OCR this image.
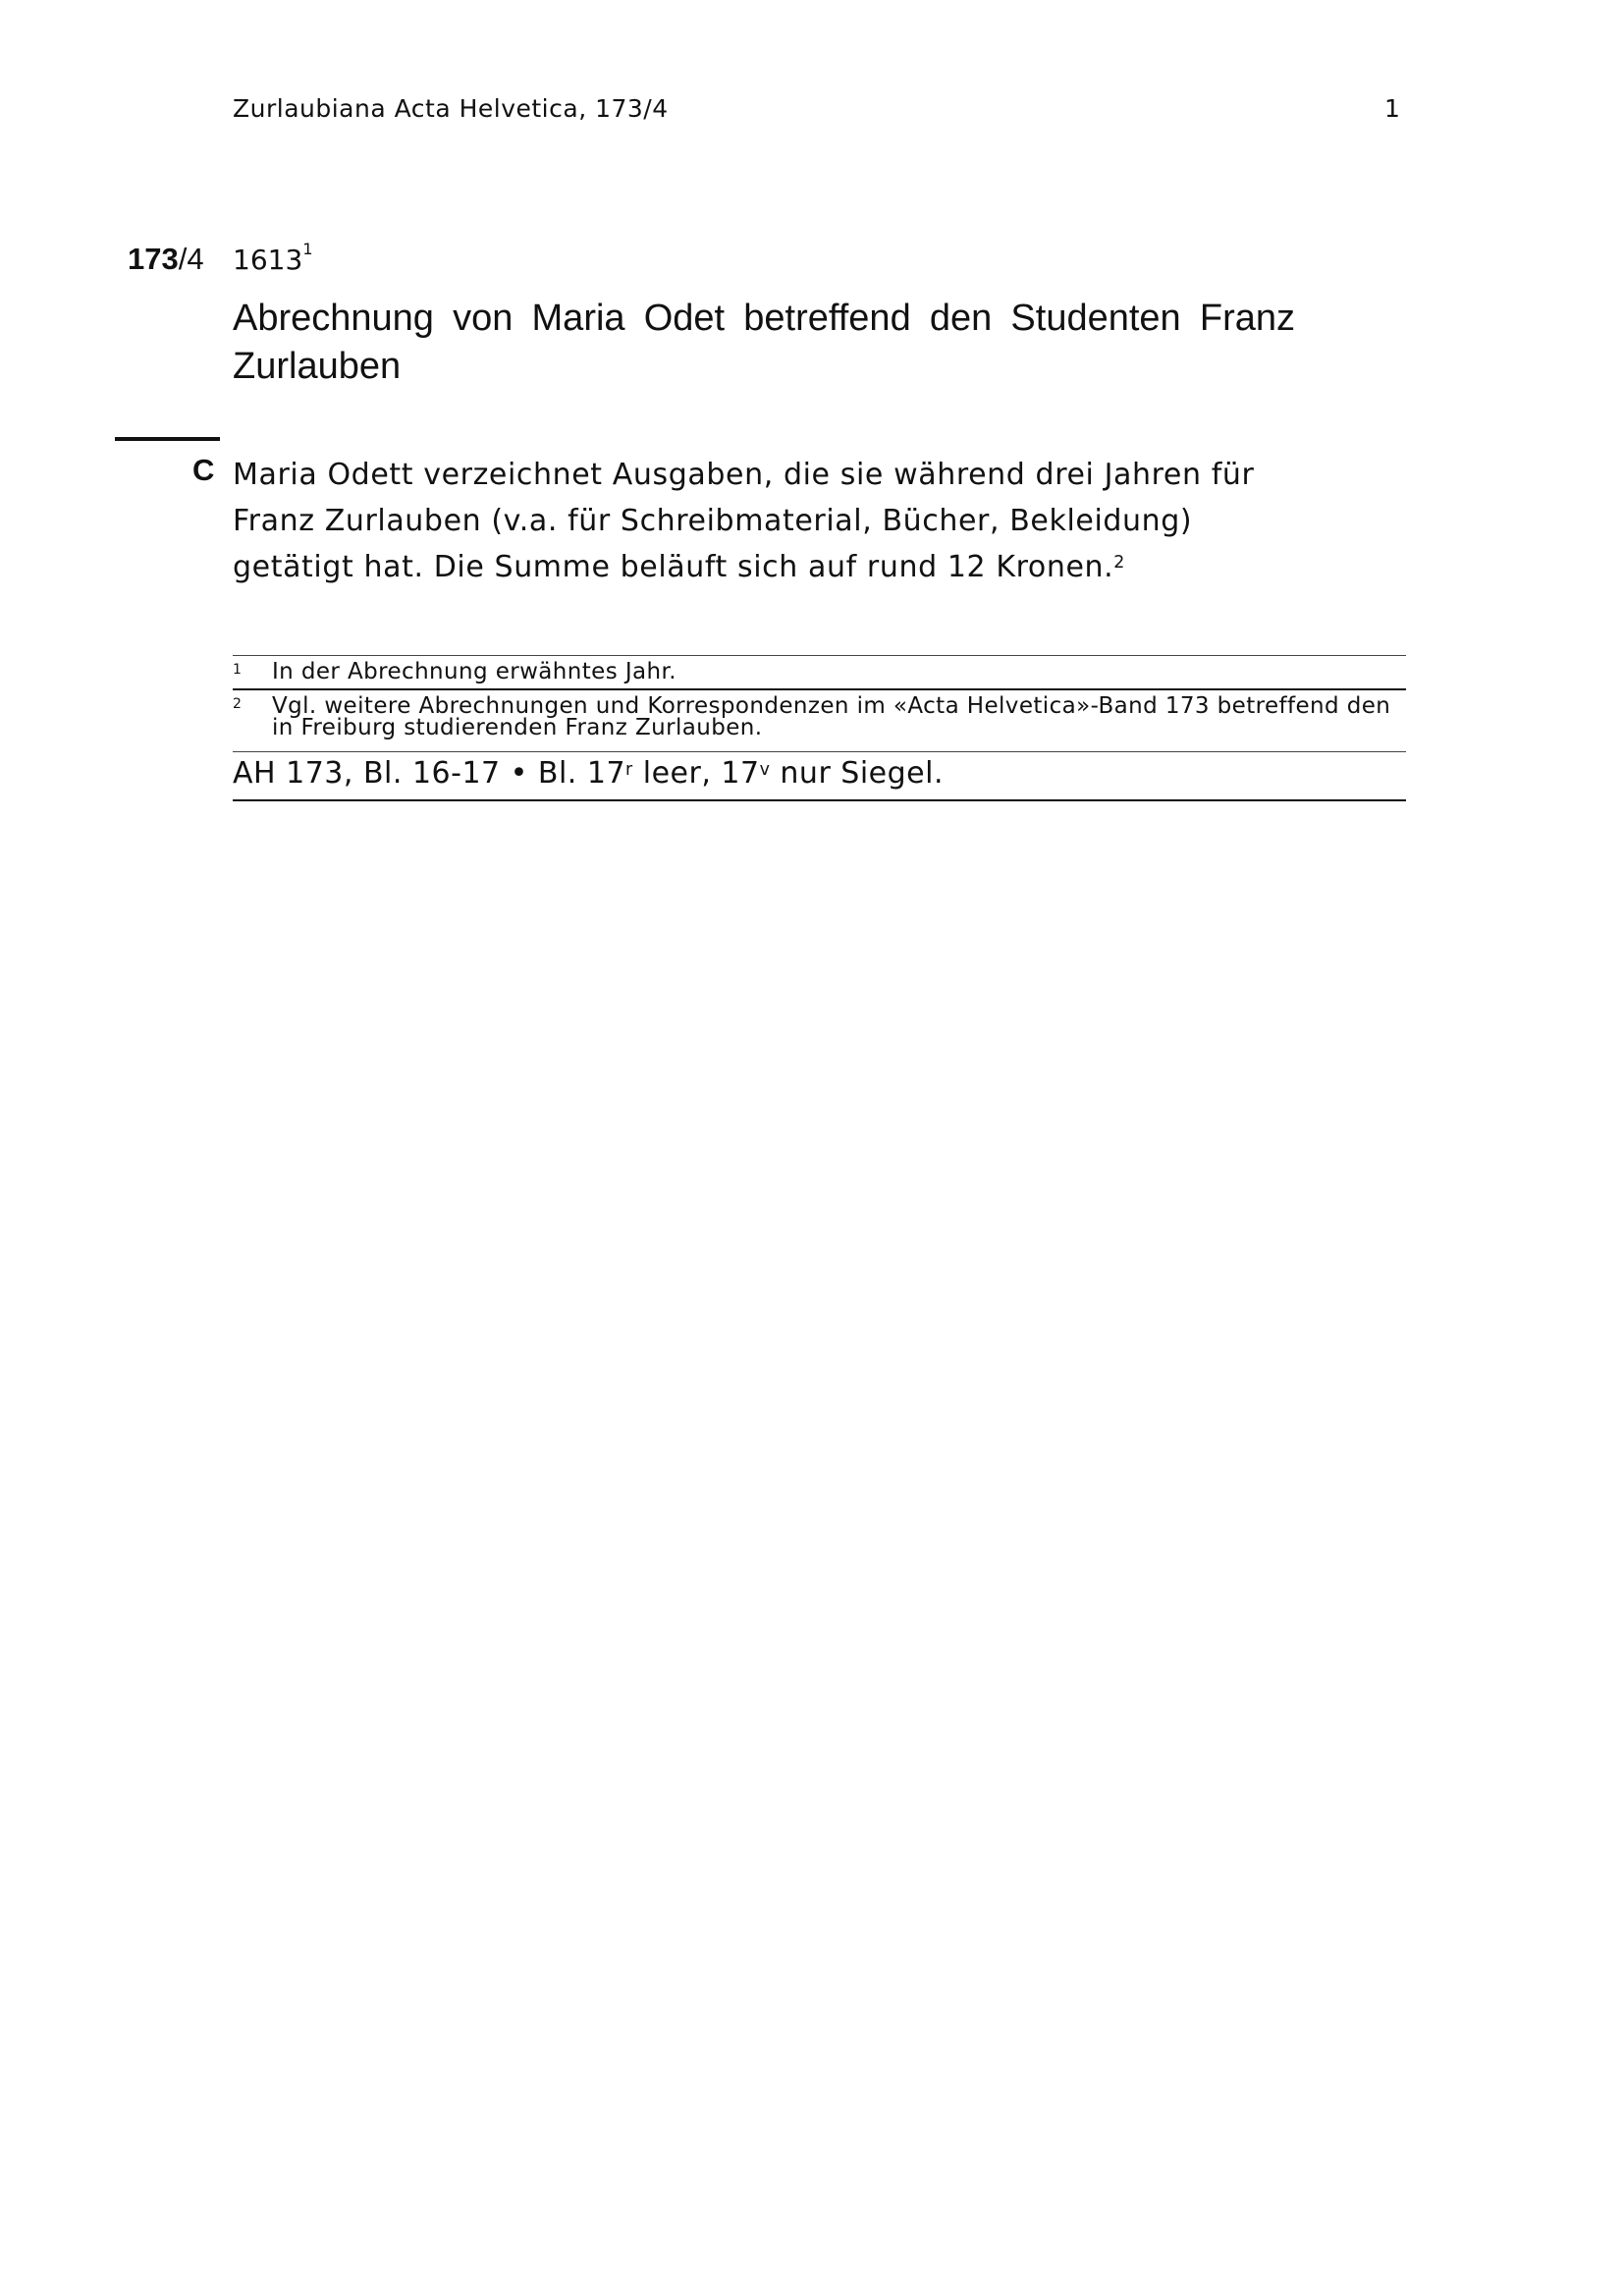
Zurlaubiana Acta Helvetica, 173/4	1
173/4 1613$^1$
Abrechnung von Maria Odet betreffend den Studenten Franz Zurlauben
C Maria Odett verzeichnet Ausgaben, die sie während drei Jahren für Franz Zurlauben (v.a. für Schreibmaterial, Bücher, Bekleidung) getätigt hat. Die Summe beläuft sich auf rund 12 Kronen.$^2$
1 In der Abrechnung erwähntes Jahr.
2 Vgl. weitere Abrechnungen und Korrespondenzen im «Acta Helvetica»-Band 173 betreffend den in Freiburg studierenden Franz Zurlauben.
AH 173, Bl. 16-17 • Bl. 17$^r$ leer, 17$^v$ nur Siegel.
